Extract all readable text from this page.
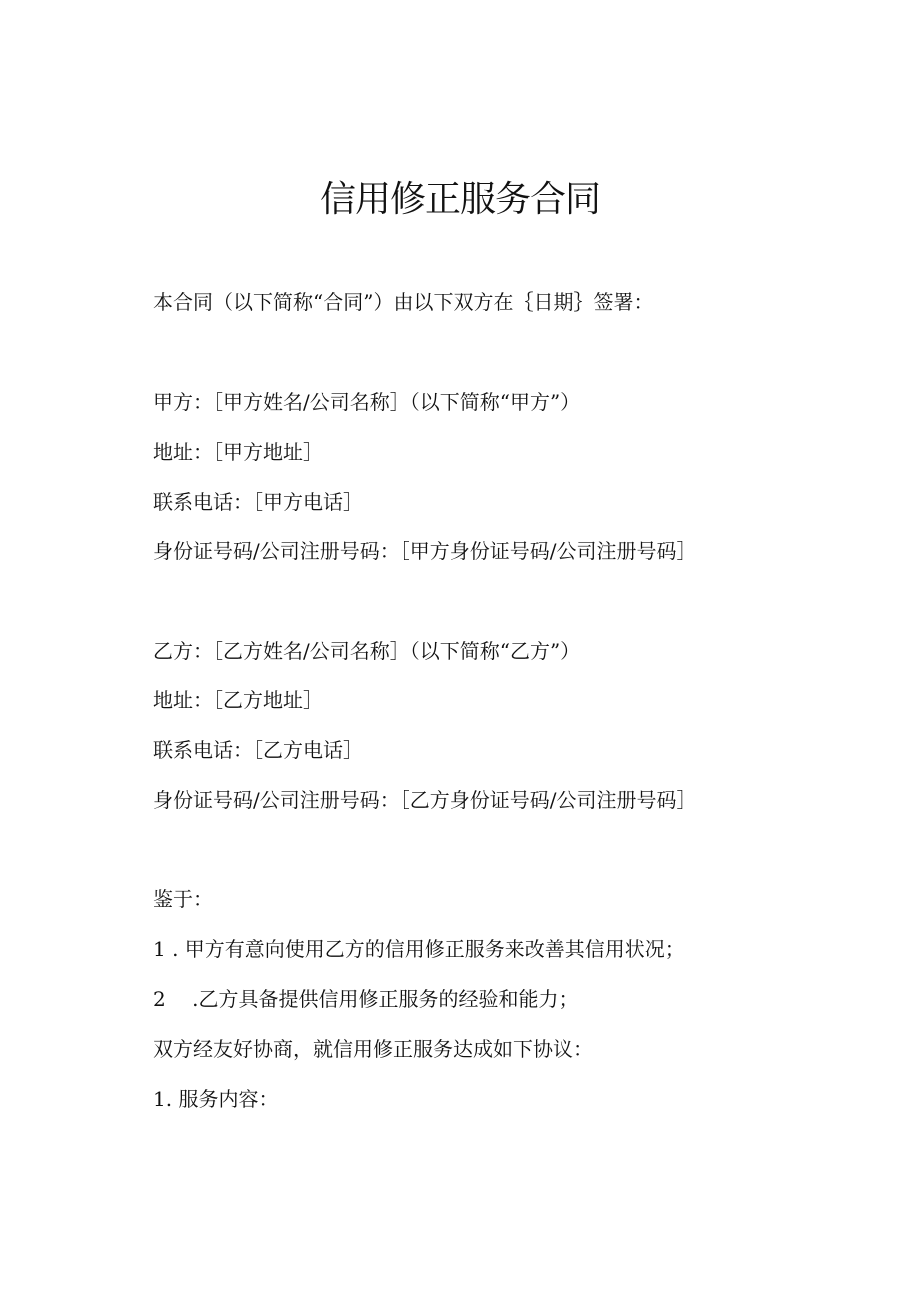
信用修正服务合同
本合同（以下简称“合同”）由以下双方在｛日期｝签署：
甲方：［甲方姓名/公司名称］（以下简称“甲方”）
地址：［甲方地址］
联系电话：［甲方电话］
身份证号码/公司注册号码：［甲方身份证号码/公司注册号码］
乙方：［乙方姓名/公司名称］（以下简称“乙方”）
地址：［乙方地址］
联系电话：［乙方电话］
身份证号码/公司注册号码：［乙方身份证号码/公司注册号码］
鉴于：
1 . 甲方有意向使用乙方的信用修正服务来改善其信用状况；
2 　.乙方具备提供信用修正服务的经验和能力；
双方经友好协商，就信用修正服务达成如下协议：
1. 服务内容：
